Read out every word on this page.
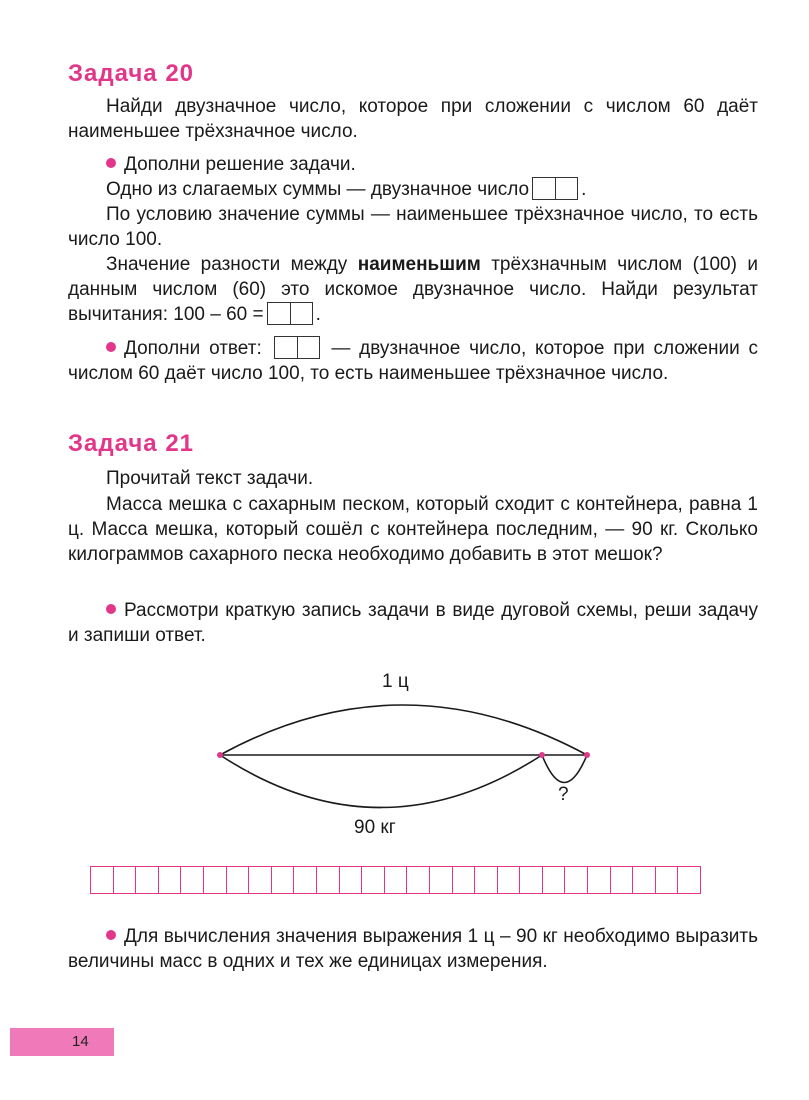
Задача 20
Найди двузначное число, которое при сложении с числом 60 даёт наименьшее трёхзначное число.
Дополни решение задачи.
Одно из слагаемых суммы — двузначное число	.
По условию значение суммы — наименьшее трёхзначное число, то есть число 100.
Значение разности между наименьшим трёхзначным числом (100) и данным числом (60) это искомое двузначное число. Найди результат вычитания: 100 – 60 =	.
Дополни ответ:	— двузначное число, которое при сложении с числом 60 даёт число 100, то есть наименьшее трёхзначное число.
Задача 21
Прочитай текст задачи.
Масса мешка с сахарным песком, который сходит с контейнера, равна 1 ц. Масса мешка, который сошёл с контейнера последним, — 90 кг. Сколько килограммов сахарного песка необходимо добавить в этот мешок?
Рассмотри краткую запись задачи в виде дуговой схемы, реши задачу и запиши ответ.
1 ц
90 кг
?
Для вычисления значения выражения 1 ц – 90 кг необходимо выразить величины масс в одних и тех же единицах измерения.
14
